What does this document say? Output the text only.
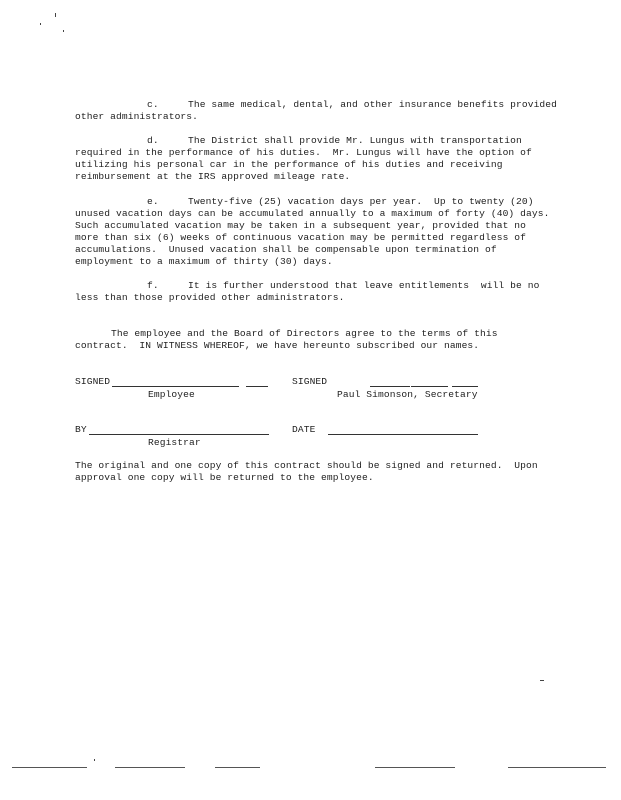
c.     The same medical, dental, and other insurance benefits provided
other administrators.
d.     The District shall provide Mr. Lungus with transportation
required in the performance of his duties.  Mr. Lungus will have the option of
utilizing his personal car in the performance of his duties and receiving
reimbursement at the IRS approved mileage rate.
e.     Twenty-five (25) vacation days per year.  Up to twenty (20)
unused vacation days can be accumulated annually to a maximum of forty (40) days.
Such accumulated vacation may be taken in a subsequent year, provided that no
more than six (6) weeks of continuous vacation may be permitted regardless of
accumulations.  Unused vacation shall be compensable upon termination of
employment to a maximum of thirty (30) days.
f.     It is further understood that leave entitlements  will be no
less than those provided other administrators.
The employee and the Board of Directors agree to the terms of this
contract.  IN WITNESS WHEREOF, we have hereunto subscribed our names.
SIGNED
Employee
SIGNED
Paul Simonson, Secretary
BY
Registrar
DATE
The original and one copy of this contract should be signed and returned.  Upon
approval one copy will be returned to the employee.
